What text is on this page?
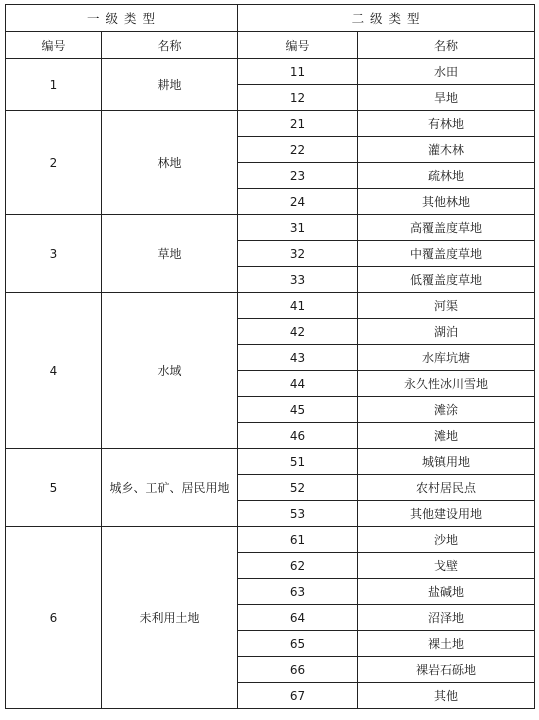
一 级 类 型		二 级 类 型	
编号	名称	编号	名称
1	耕地	11	水田
		12	旱地
2	林地	21	有林地
		22	灌木林
		23	疏林地
		24	其他林地
3	草地	31	高覆盖度草地
		32	中覆盖度草地
		33	低覆盖度草地
4	水域	41	河渠
		42	湖泊
		43	水库坑塘
		44	永久性冰川雪地
		45	滩涂
		46	滩地
5	城乡、工矿、居民用地	51	城镇用地
		52	农村居民点
		53	其他建设用地
6	未利用土地	61	沙地
		62	戈壁
		63	盐碱地
		64	沼泽地
		65	裸土地
		66	裸岩石砾地
		67	其他
